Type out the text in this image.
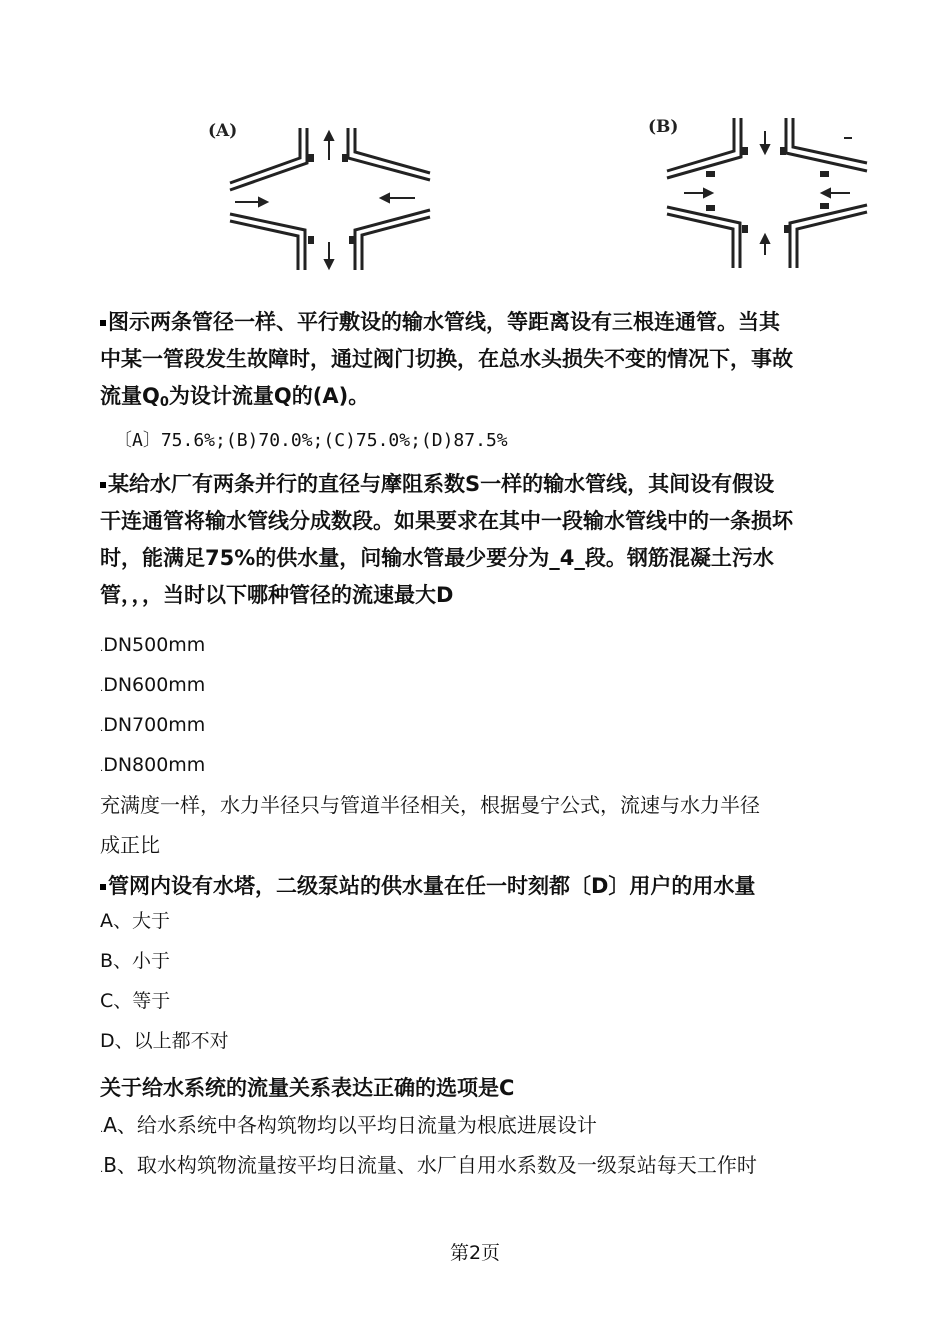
(A)	(B)

图示两条管径一样、平行敷设的输水管线，等距离设有三根连通管。当其

中某一管段发生故障时，通过阀门切换，在总水头损失不变的情况下，事故

流量$Q_0$为设计流量Q的(A)。

〔A〕75.6%;(B)70.0%;(C)75.0%;(D)87.5%

某给水厂有两条并行的直径与摩阻系数S一样的输水管线，其间设有假设

干连通管将输水管线分成数段。如果要求在其中一段输水管线中的一条损坏

时，能满足75%的供水量，问输水管最少要分为_4_段。钢筋混凝土污水

管，，，当时以下哪种管径的流速最大D

.DN500mm

.DN600mm

.DN700mm

.DN800mm

充满度一样，水力半径只与管道半径相关，根据曼宁公式，流速与水力半径

成正比

管网内设有水塔，二级泵站的供水量在任一时刻都〔D〕用户的用水量

A、大于

B、小于

C、等于

D、以上都不对

关于给水系统的流量关系表达正确的选项是C

.A、给水系统中各构筑物均以平均日流量为根底进展设计

.B、取水构筑物流量按平均日流量、水厂自用水系数及一级泵站每天工作时

第2页
